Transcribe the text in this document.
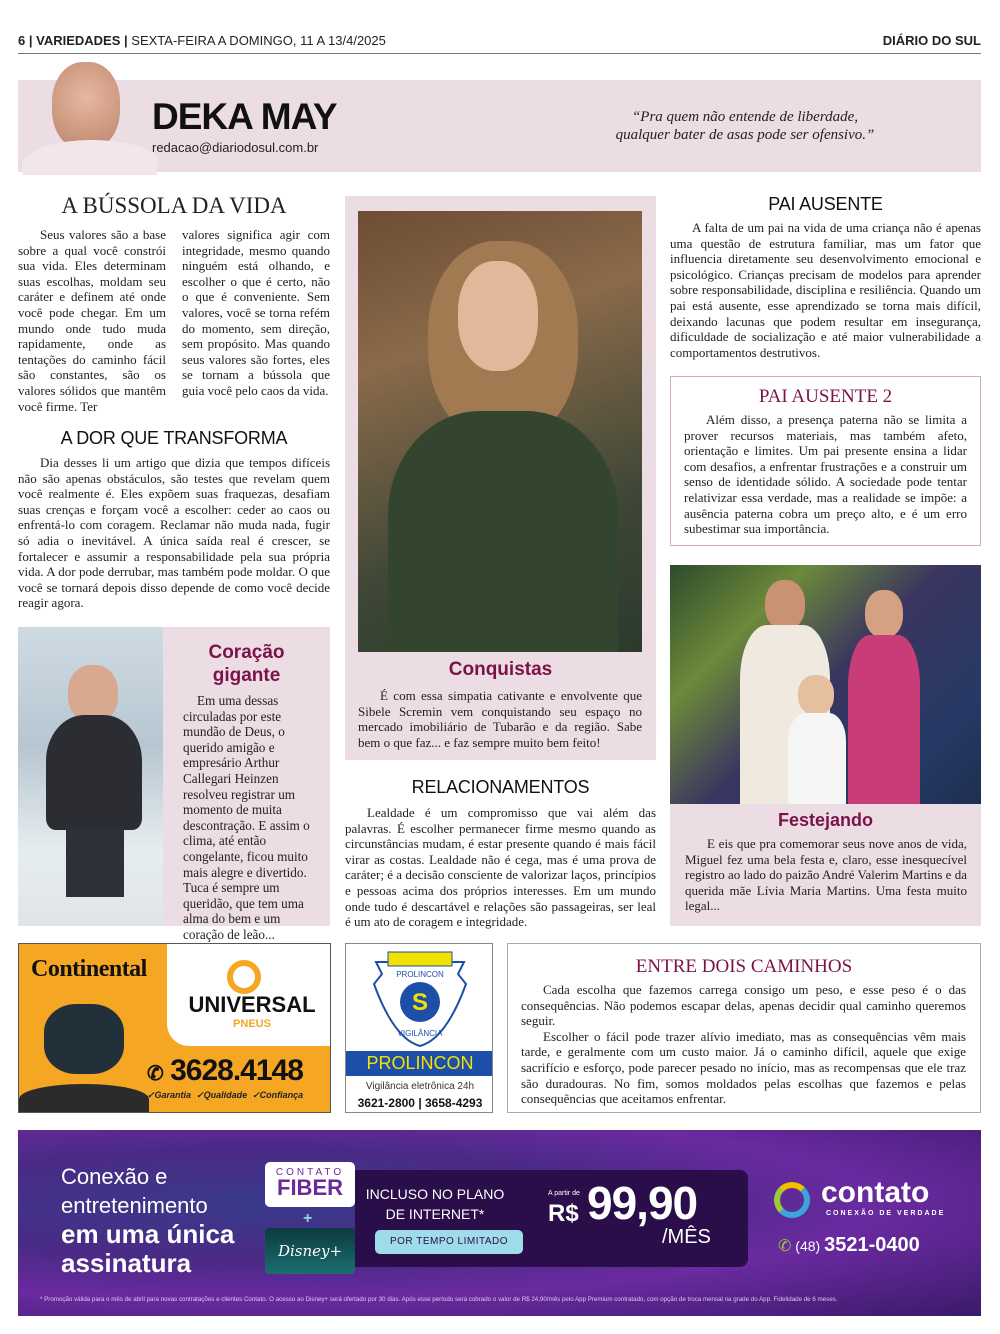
6 | VARIEDADES | SEXTA-FEIRA A DOMINGO, 11 A 13/4/2025	DIÁRIO DO SUL
DEKA MAY
redacao@diariodosul.com.br
“Pra quem não entende de liberdade,
qualquer bater de asas pode ser ofensivo.”
A BÚSSOLA DA VIDA

Seus valores são a base sobre a qual você constrói sua vida. Eles determinam suas escolhas, moldam seu caráter e definem até onde você pode chegar. Em um mundo onde tudo muda rapidamente, onde as tentações do caminho fácil são constantes, são os valores sólidos que mantêm você firme. Ter

valores significa agir com integridade, mesmo quando ninguém está olhando, e escolher o que é certo, não o que é conveniente. Sem valores, você se torna refém do momento, sem direção, sem propósito. Mas quando seus valores são fortes, eles se tornam a bússola que guia você pelo caos da vida.
A DOR QUE TRANSFORMA

Dia desses li um artigo que dizia que tempos difíceis não são apenas obstáculos, são testes que revelam quem você realmente é. Eles expõem suas fraquezas, desafiam suas crenças e forçam você a escolher: ceder ao caos ou enfrentá-lo com coragem. Reclamar não muda nada, fugir só adia o inevitável. A única saída real é crescer, se fortalecer e assumir a responsabilidade pela sua própria vida. A dor pode derrubar, mas também pode moldar. O que você se tornará depois disso depende de como você decide reagir agora.

Coração
gigante

Em uma dessas circuladas por este mundão de Deus, o querido amigão e empresário Arthur Callegari Heinzen resolveu registrar um momento de muita descontração. E assim o clima, até então congelante, ficou muito mais alegre e divertido. Tuca é sempre um queridão, que tem uma alma do bem e um coração de leão...

Conquistas

É com essa simpatia cativante e envolvente que Sibele Scremin vem conquistando seu espaço no mercado imobiliário de Tubarão e da região. Sabe bem o que faz... e faz sempre muito bem feito!

RELACIONAMENTOS

Lealdade é um compromisso que vai além das palavras. É escolher permanecer firme mesmo quando as circunstâncias mudam, é estar presente quando é mais fácil virar as costas. Lealdade não é cega, mas é uma prova de caráter; é a decisão consciente de valorizar laços, princípios e pessoas acima dos próprios interesses. Em um mundo onde tudo é descartável e relações são passageiras, ser leal é um ato de coragem e integridade.

PAI AUSENTE

A falta de um pai na vida de uma criança não é apenas uma questão de estrutura familiar, mas um fator que influencia diretamente seu desenvolvimento emocional e psicológico. Crianças precisam de modelos para aprender sobre responsabilidade, disciplina e resiliência. Quando um pai está ausente, esse aprendizado se torna mais difícil, deixando lacunas que podem resultar em insegurança, dificuldade de socialização e até maior vulnerabilidade a comportamentos destrutivos.

PAI AUSENTE 2

Além disso, a presença paterna não se limita a prover recursos materiais, mas também afeto, orientação e limites. Um pai presente ensina a lidar com desafios, a enfrentar frustrações e a construir um senso de identidade sólido. A sociedade pode tentar relativizar essa verdade, mas a realidade se impõe: a ausência paterna cobra um preço alto, e é um erro subestimar sua importância.

Festejando

E eis que pra comemorar seus nove anos de vida, Miguel fez uma bela festa e, claro, esse inesquecível registro ao lado do paizão André Valerim Martins e da querida mãe Lívia Maria Martins. Uma festa muito legal...

Continental
UNIVERSAL
PNEUS
✆ 3628.4148
✓Garantia  ✓Qualidade  ✓Confiança
S
PROLINCON
VIGILÂNCIA
PROLINCON
Vigilância eletrônica 24h
3621-2800 | 3658-4293
ENTRE DOIS CAMINHOS

Cada escolha que fazemos carrega consigo um peso, e esse peso é o das consequências. Não podemos escapar delas, apenas decidir qual caminho queremos seguir.

Escolher o fácil pode trazer alívio imediato, mas as consequências vêm mais tarde, e geralmente com um custo maior. Já o caminho difícil, aquele que exige sacrifício e esforço, pode parecer pesado no início, mas as recompensas que ele traz são duradouras. No fim, somos moldados pelas escolhas que fazemos e pelas consequências que aceitamos enfrentar.

Conexão e
entretenimento
em uma única
assinatura
CONTATO
FIBER
+
Disney+
INCLUSO NO PLANO
DE INTERNET*
POR TEMPO LIMITADO
A partir de
R$ 99,90
/MÊS
contato
CONEXÃO DE VERDADE
✆ (48) 3521-0400
* Promoção válida para o mês de abril para novas contratações e clientes Contato. O acesso ao Disney+ será ofertado por 30 dias. Após esse período será cobrado o valor de R$ 24,90/mês pelo App Premium contratado, com opção de troca mensal na grade do App. Fidelidade de 6 meses.
